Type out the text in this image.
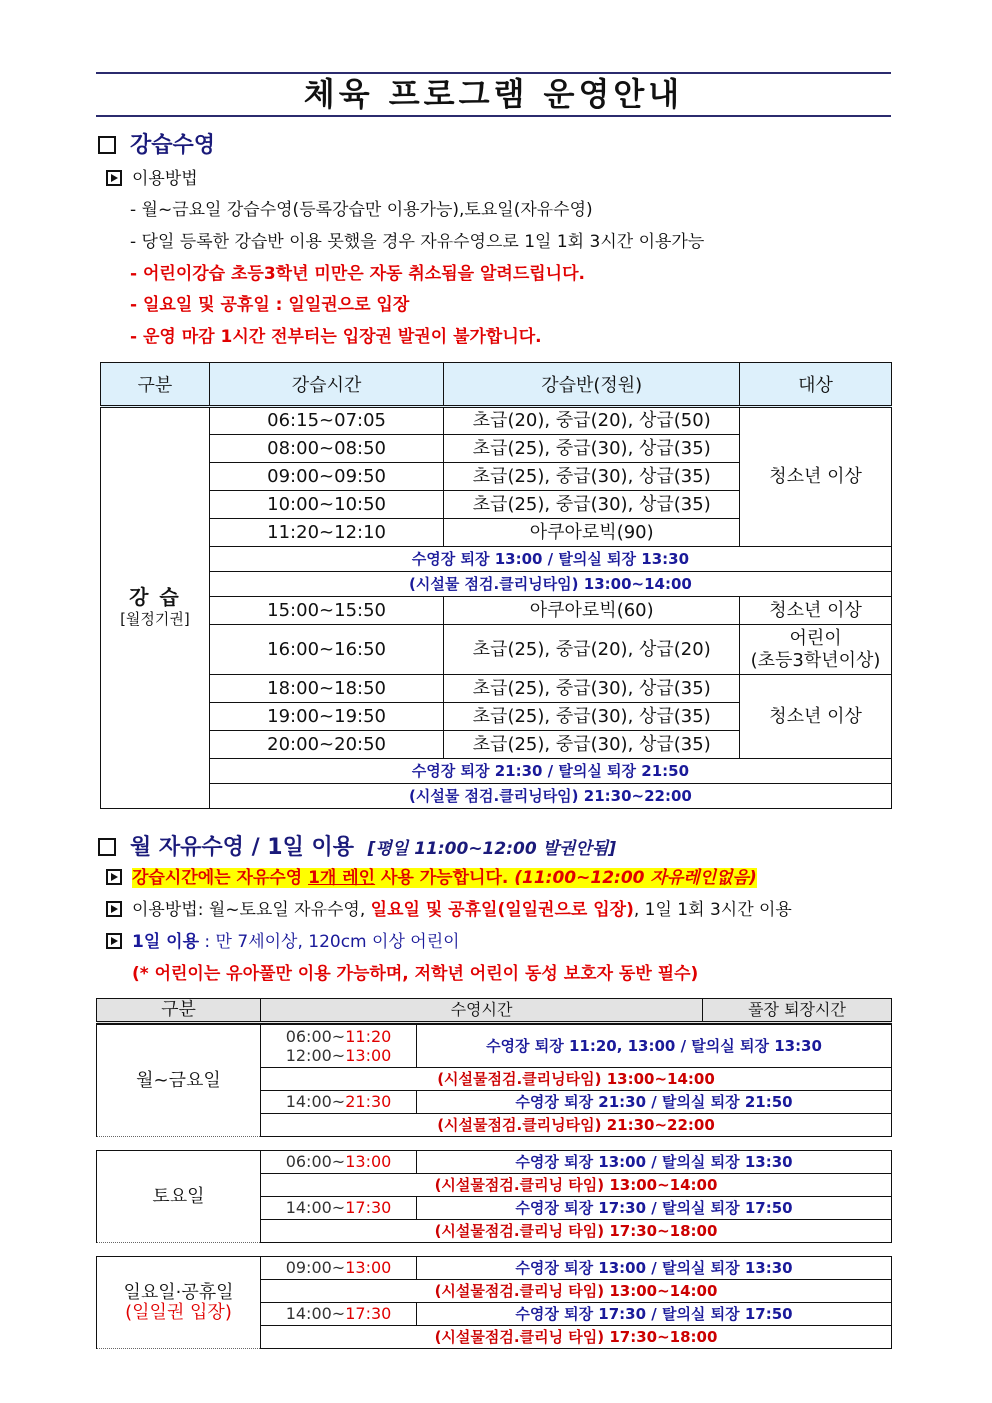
체육 프로그램 운영안내
강습수영
이용방법
- 월~금요일 강습수영(등록강습만 이용가능),토요일(자유수영)
- 당일 등록한 강습반 이용 못했을 경우 자유수영으로 1일 1회 3시간 이용가능
- 어린이강습 초등3학년 미만은 자동 취소됨을 알려드립니다.
- 일요일 및 공휴일 : 일일권으로 입장
- 운영 마감 1시간 전부터는 입장권 발권이 불가합니다.
구분	강습시간	강습반(정원)	대상

강 습
[월정기권]	06:15~07:05	초급(20), 중급(20), 상급(50)	청소년 이상
	08:00~08:50	초급(25), 중급(30), 상급(35)	
	09:00~09:50	초급(25), 중급(30), 상급(35)	
	10:00~10:50	초급(25), 중급(30), 상급(35)	
	11:20~12:10	아쿠아로빅(90)	
	수영장 퇴장 13:00 / 탈의실 퇴장 13:30		
	(시설물 점검.클리닝타임) 13:00~14:00		
	15:00~15:50	아쿠아로빅(60)	청소년 이상
	16:00~16:50	초급(25), 중급(20), 상급(20)	어린이
(초등3학년이상)

	18:00~18:50	초급(25), 중급(30), 상급(35)	청소년 이상
	19:00~19:50	초급(25), 중급(30), 상급(35)	
	20:00~20:50	초급(25), 중급(30), 상급(35)	
	수영장 퇴장 21:30 / 탈의실 퇴장 21:50		
	(시설물 점검.클리닝타임) 21:30~22:00		
월 자유수영 / 1일 이용 [평일 11:00~12:00 발권안됨]
강습시간에는 자유수영 1개 레인 사용 가능합니다. (11:00~12:00 자유레인없음)
이용방법: 월~토요일 자유수영, 일요일 및 공휴일(일일권으로 입장), 1일 1회 3시간 이용
1일 이용 : 만 7세이상, 120cm 이상 어린이
(* 어린이는 유아풀만 이용 가능하며, 저학년 어린이 동성 보호자 동반 필수)
구분	수영시간	풀장 퇴장시간
월~금요일	06:00~11:20
12:00~13:00	수영장 퇴장 11:20, 13:00 / 탈의실 퇴장 13:30
	(시설물점검.클리닝타임) 13:00~14:00	
	14:00~21:30	수영장 퇴장 21:30 / 탈의실 퇴장 21:50
	(시설물점검.클리닝타임) 21:30~22:00	
토요일	06:00~13:00	수영장 퇴장 13:00 / 탈의실 퇴장 13:30
	(시설물점검.클리닝 타임) 13:00~14:00	
	14:00~17:30	수영장 퇴장 17:30 / 탈의실 퇴장 17:50
	(시설물점검.클리닝 타임) 17:30~18:00	
일요일·공휴일
(일일권 입장)	09:00~13:00	수영장 퇴장 13:00 / 탈의실 퇴장 13:30
	(시설물점검.클리닝 타임) 13:00~14:00	
	14:00~17:30	수영장 퇴장 17:30 / 탈의실 퇴장 17:50
	(시설물점검.클리닝 타임) 17:30~18:00	
